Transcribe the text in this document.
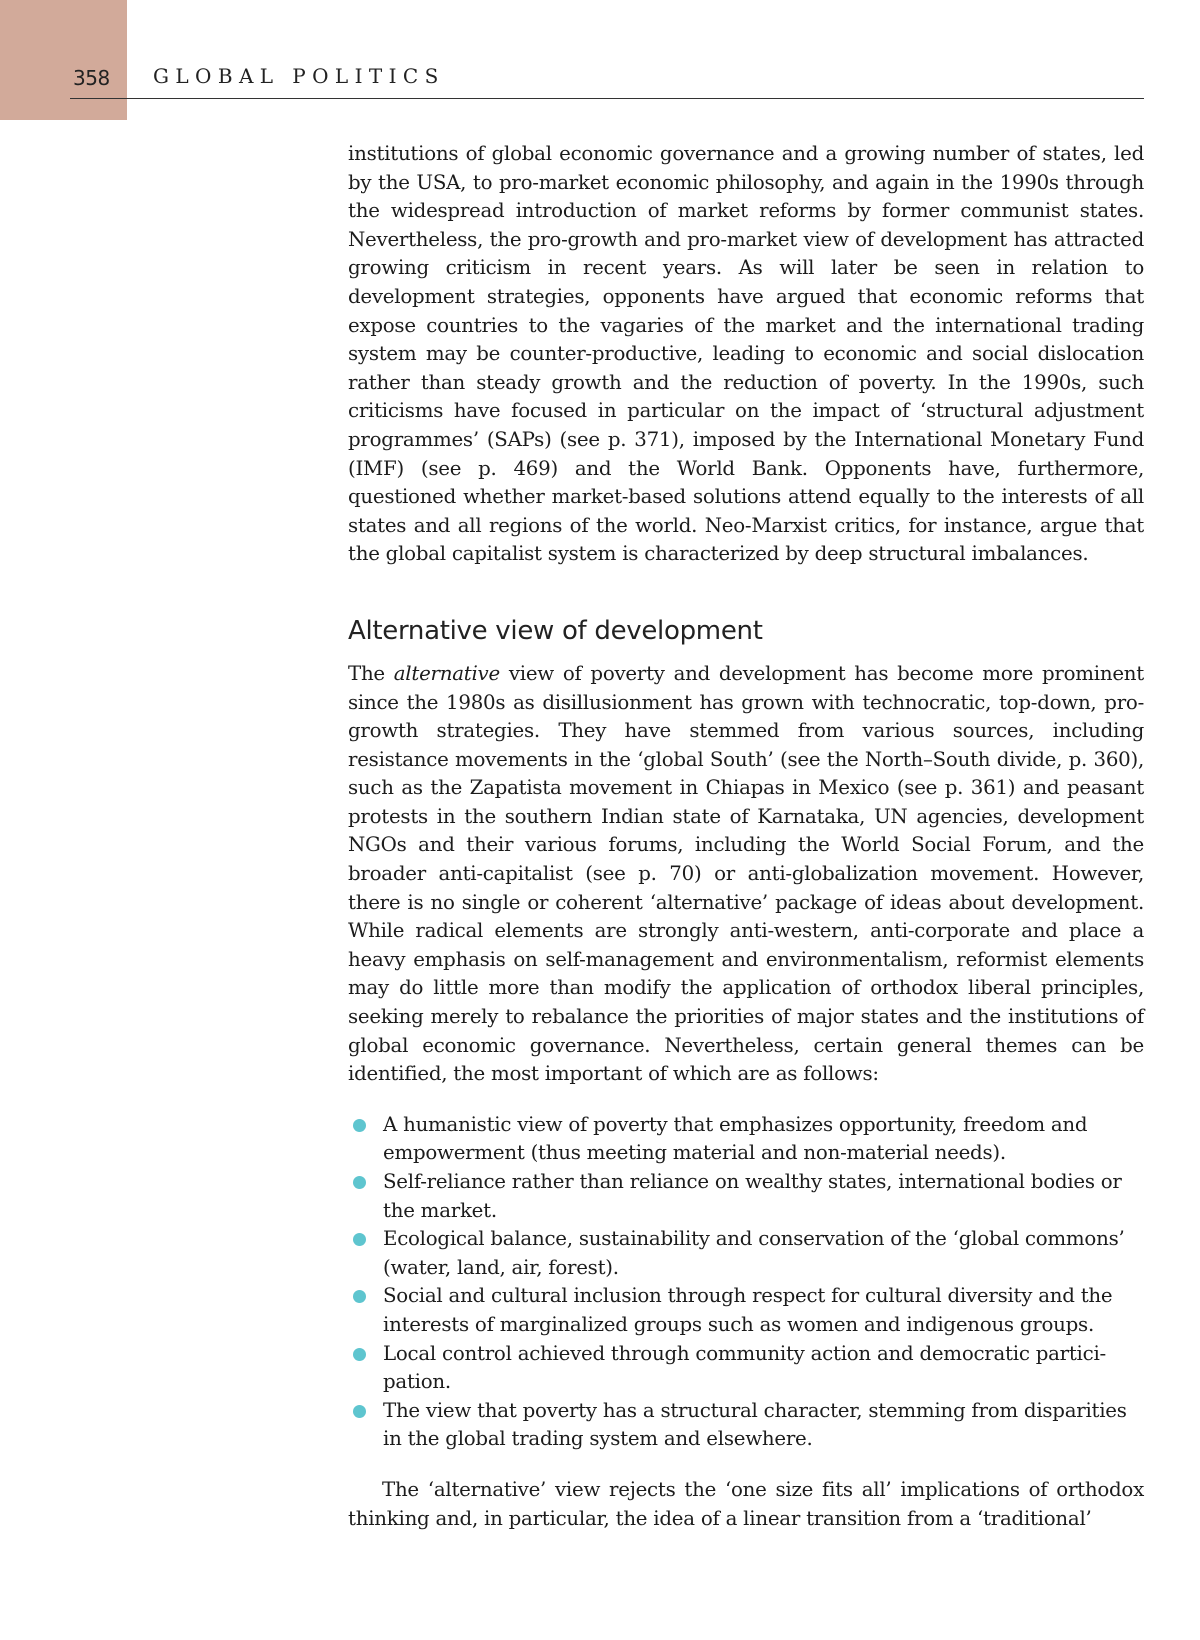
358 GLOBAL POLITICS

institutions of global economic governance and a growing number of states, led by the USA, to pro-market economic philosophy, and again in the 1990s through the widespread introduction of market reforms by former communist states. Nevertheless, the pro-growth and pro-market view of development has attracted growing criticism in recent years. As will later be seen in relation to development strategies, opponents have argued that economic reforms that expose countries to the vagaries of the market and the international trading system may be counter-productive, leading to economic and social dislocation rather than steady growth and the reduction of poverty. In the 1990s, such criticisms have focused in particular on the impact of ‘structural adjustment programmes’ (SAPs) (see p. 371), imposed by the International Monetary Fund (IMF) (see p. 469) and the World Bank. Opponents have, furthermore, questioned whether market-based solutions attend equally to the interests of all states and all regions of the world. Neo-Marxist critics, for instance, argue that the global capitalist system is characterized by deep structural imbalances.

Alternative view of development

The alternative view of poverty and development has become more prominent since the 1980s as disillusionment has grown with technocratic, top-down, pro-growth strategies. They have stemmed from various sources, including resistance movements in the ‘global South’ (see the North–South divide, p. 360), such as the Zapatista movement in Chiapas in Mexico (see p. 361) and peasant protests in the southern Indian state of Karnataka, UN agencies, development NGOs and their various forums, including the World Social Forum, and the broader anti-capitalist (see p. 70) or anti-globalization movement. However, there is no single or coherent ‘alternative’ package of ideas about development. While radical elements are strongly anti-western, anti-corporate and place a heavy emphasis on self-management and environmentalism, reformist elements may do little more than modify the application of orthodox liberal principles, seeking merely to rebalance the priorities of major states and the institutions of global economic governance. Nevertheless, certain general themes can be identified, the most important of which are as follows:

A humanistic view of poverty that emphasizes opportunity, freedom and empowerment (thus meeting material and non-material needs).
Self-reliance rather than reliance on wealthy states, international bodies or the market.
Ecological balance, sustainability and conservation of the ‘global commons’ (water, land, air, forest).
Social and cultural inclusion through respect for cultural diversity and the interests of marginalized groups such as women and indigenous groups.
Local control achieved through community action and democratic partici-pation.
The view that poverty has a structural character, stemming from disparities in the global trading system and elsewhere.

The ‘alternative’ view rejects the ‘one size fits all’ implications of orthodox thinking and, in particular, the idea of a linear transition from a ‘traditional’
